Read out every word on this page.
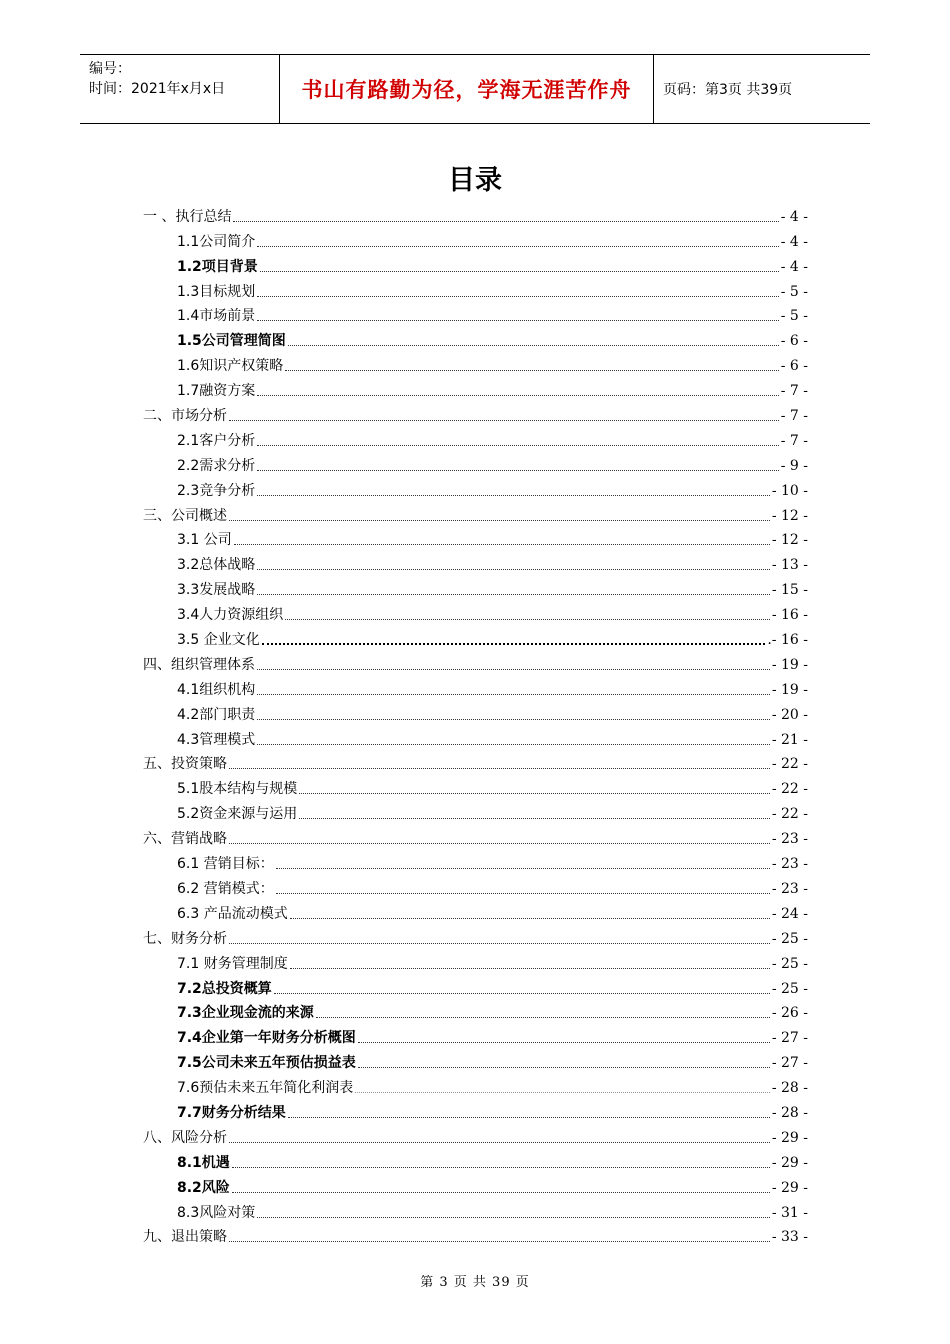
编号：
时间：2021年x月x日	书山有路勤为径，学海无涯苦作舟	页码：第3页 共39页
目录
一 、执行总结	- 4 -
1.1公司简介	- 4 -
1.2项目背景	- 4 -
1.3目标规划	- 5 -
1.4市场前景	- 5 -
1.5公司管理简图	- 6 -
1.6知识产权策略	- 6 -
1.7融资方案	- 7 -
二、市场分析	- 7 -
2.1客户分析	- 7 -
2.2需求分析	- 9 -
2.3竞争分析	- 10 -
三、公司概述	- 12 -
3.1 公司	- 12 -
3.2总体战略	- 13 -
3.3发展战略	- 15 -
3.4人力资源组织	- 16 -
3.5 企业文化	.- 16 -
四、组织管理体系	- 19 -
4.1组织机构	- 19 -
4.2部门职责	- 20 -
4.3管理模式	- 21 -
五、投资策略	- 22 -
5.1股本结构与规模	- 22 -
5.2资金来源与运用	- 22 -
六、营销战略	- 23 -
6.1 营销目标：	- 23 -
6.2 营销模式：	- 23 -
6.3 产品流动模式	- 24 -
七、财务分析	- 25 -
7.1 财务管理制度	- 25 -
7.2总投资概算	- 25 -
7.3企业现金流的来源	- 26 -
7.4企业第一年财务分析概图	- 27 -
7.5公司未来五年预估损益表	- 27 -
7.6预估未来五年简化利润表	- 28 -
7.7财务分析结果	- 28 -
八、风险分析	- 29 -
8.1机遇	- 29 -
8.2风险	- 29 -
8.3风险对策	- 31 -
九、退出策略	- 33 -
第 3 页 共 39 页
